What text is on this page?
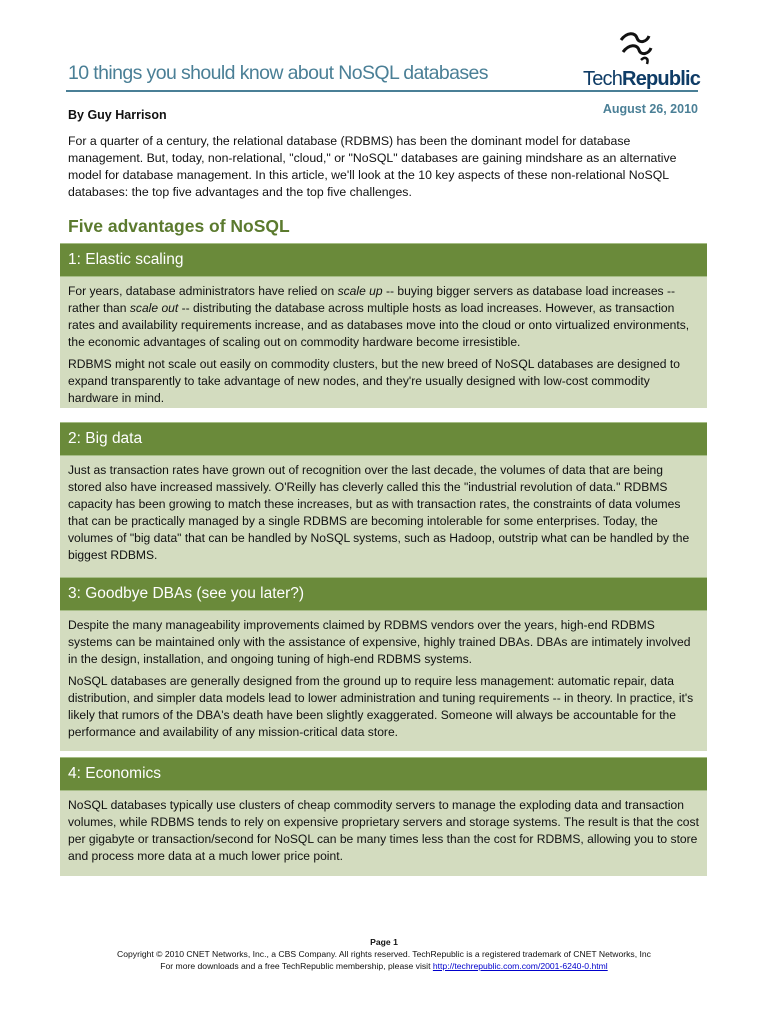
10 things you should know about NoSQL databases	TechRepublic
August 26, 2010
By Guy Harrison

For a quarter of a century, the relational database (RDBMS) has been the dominant model for database management. But, today, non-relational, "cloud," or "NoSQL" databases are gaining mindshare as an alternative model for database management. In this article, we'll look at the 10 key aspects of these non-relational NoSQL databases: the top five advantages and the top five challenges.

Five advantages of NoSQL
1: Elastic scaling

For years, database administrators have relied on scale up -- buying bigger servers as database load increases -- rather than scale out -- distributing the database across multiple hosts as load increases. However, as transaction rates and availability requirements increase, and as databases move into the cloud or onto virtualized environments, the economic advantages of scaling out on commodity hardware become irresistible.

RDBMS might not scale out easily on commodity clusters, but the new breed of NoSQL databases are designed to expand transparently to take advantage of new nodes, and they're usually designed with low-cost commodity hardware in mind.

2: Big data

Just as transaction rates have grown out of recognition over the last decade, the volumes of data that are being stored also have increased massively. O'Reilly has cleverly called this the "industrial revolution of data." RDBMS capacity has been growing to match these increases, but as with transaction rates, the constraints of data volumes that can be practically managed by a single RDBMS are becoming intolerable for some enterprises. Today, the volumes of "big data" that can be handled by NoSQL systems, such as Hadoop, outstrip what can be handled by the biggest RDBMS.

3: Goodbye DBAs (see you later?)

Despite the many manageability improvements claimed by RDBMS vendors over the years, high-end RDBMS systems can be maintained only with the assistance of expensive, highly trained DBAs. DBAs are intimately involved in the design, installation, and ongoing tuning of high-end RDBMS systems.

NoSQL databases are generally designed from the ground up to require less management: automatic repair, data distribution, and simpler data models lead to lower administration and tuning requirements -- in theory. In practice, it's likely that rumors of the DBA's death have been slightly exaggerated. Someone will always be accountable for the performance and availability of any mission-critical data store.

4: Economics

NoSQL databases typically use clusters of cheap commodity servers to manage the exploding data and transaction volumes, while RDBMS tends to rely on expensive proprietary servers and storage systems. The result is that the cost per gigabyte or transaction/second for NoSQL can be many times less than the cost for RDBMS, allowing you to store and process more data at a much lower price point.

Page 1
Copyright © 2010 CNET Networks, Inc., a CBS Company. All rights reserved. TechRepublic is a registered trademark of CNET Networks, Inc
For more downloads and a free TechRepublic membership, please visit http://techrepublic.com.com/2001-6240-0.html
